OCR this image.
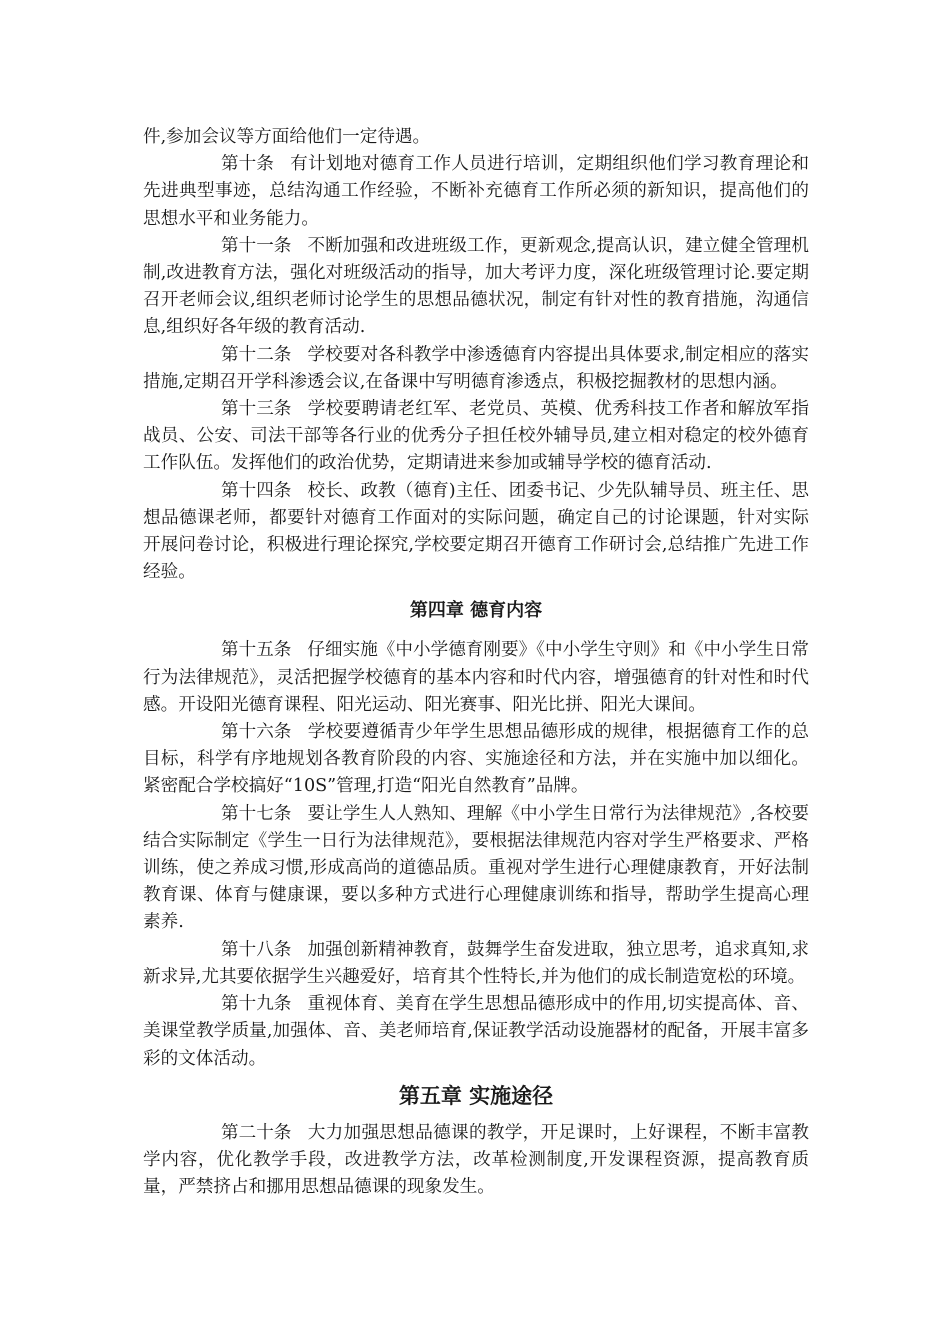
件,参加会议等方面给他们一定待遇。

第十条 有计划地对德育工作人员进行培训，定期组织他们学习教育理论和先进典型事迹，总结沟通工作经验，不断补充德育工作所必须的新知识，提高他们的思想水平和业务能力。

第十一条 不断加强和改进班级工作，更新观念,提高认识，建立健全管理机制,改进教育方法，强化对班级活动的指导，加大考评力度，深化班级管理讨论.要定期召开老师会议,组织老师讨论学生的思想品德状况，制定有针对性的教育措施，沟通信息,组织好各年级的教育活动.

第十二条 学校要对各科教学中渗透德育内容提出具体要求,制定相应的落实措施,定期召开学科渗透会议,在备课中写明德育渗透点，积极挖掘教材的思想内涵。

第十三条 学校要聘请老红军、老党员、英模、优秀科技工作者和解放军指战员、公安、司法干部等各行业的优秀分子担任校外辅导员,建立相对稳定的校外德育工作队伍。发挥他们的政治优势，定期请进来参加或辅导学校的德育活动.

第十四条 校长、政教（德育)主任、团委书记、少先队辅导员、班主任、思想品德课老师，都要针对德育工作面对的实际问题，确定自己的讨论课题，针对实际开展问卷讨论，积极进行理论探究,学校要定期召开德育工作研讨会,总结推广先进工作经验。

第四章 德育内容

第十五条 仔细实施《中小学德育刚要》《中小学生守则》和《中小学生日常行为法律规范》，灵活把握学校德育的基本内容和时代内容，增强德育的针对性和时代感。开设阳光德育课程、阳光运动、阳光赛事、阳光比拼、阳光大课间。

第十六条 学校要遵循青少年学生思想品德形成的规律，根据德育工作的总目标，科学有序地规划各教育阶段的内容、实施途径和方法，并在实施中加以细化。紧密配合学校搞好“10S”管理,打造“阳光自然教育”品牌。

第十七条 要让学生人人熟知、理解《中小学生日常行为法律规范》,各校要结合实际制定《学生一日行为法律规范》，要根据法律规范内容对学生严格要求、严格训练，使之养成习惯,形成高尚的道德品质。重视对学生进行心理健康教育，开好法制教育课、体育与健康课，要以多种方式进行心理健康训练和指导，帮助学生提高心理素养.

第十八条 加强创新精神教育，鼓舞学生奋发进取，独立思考，追求真知,求新求异,尤其要依据学生兴趣爱好，培育其个性特长,并为他们的成长制造宽松的环境。

第十九条 重视体育、美育在学生思想品德形成中的作用,切实提高体、音、美课堂教学质量,加强体、音、美老师培育,保证教学活动设施器材的配备，开展丰富多彩的文体活动。

第五章 实施途径

第二十条 大力加强思想品德课的教学，开足课时，上好课程，不断丰富教学内容，优化教学手段，改进教学方法，改革检测制度,开发课程资源，提高教育质量，严禁挤占和挪用思想品德课的现象发生。
